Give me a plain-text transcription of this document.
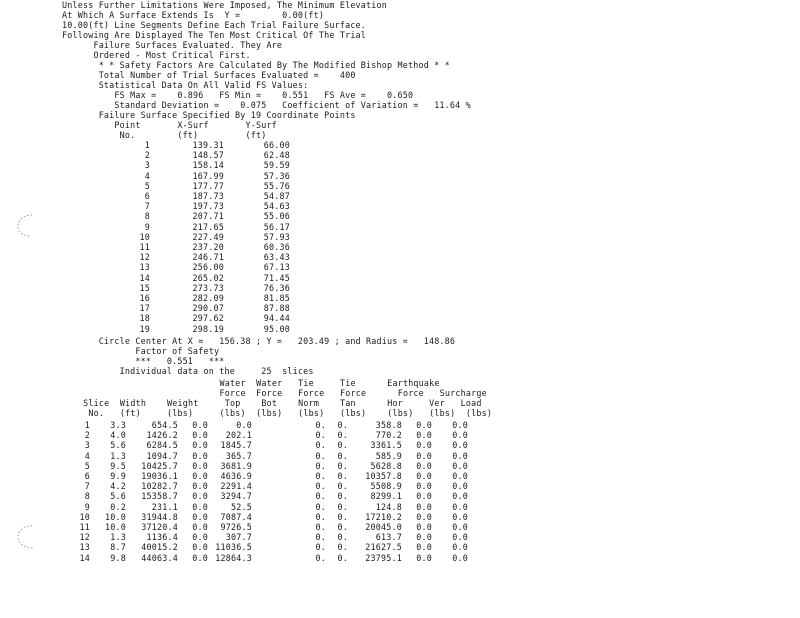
Unless Further Limitations Were Imposed, The Minimum Elevation
At Which A Surface Extends Is  Y =        0.00(ft)
10.00(ft) Line Segments Define Each Trial Failure Surface.
Following Are Displayed The Ten Most Critical Of The Trial
Failure Surfaces Evaluated. They Are
Ordered - Most Critical First.
* * Safety Factors Are Calculated By The Modified Bishop Method * *
Total Number of Trial Surfaces Evaluated =    400
Statistical Data On All Valid FS Values:
FS Max =    0.896   FS Min =    0.551   FS Ave =    0.650
Standard Deviation =    0.075   Coefficient of Variation =   11.64 %
Failure Surface Specified By 19 Coordinate Points
Point       X-Surf       Y-Surf
No.        (ft)         (ft)
1	139.31	66.00
2	148.57	62.48
3	158.14	59.59
4	167.99	57.36
5	177.77	55.76
6	187.73	54.87
7	197.73	54.63
8	207.71	55.06
9	217.65	56.17
10	227.49	57.93
11	237.20	60.36
12	246.71	63.43
13	256.00	67.13
14	265.02	71.45
15	273.73	76.36
16	282.09	81.85
17	290.07	87.88
18	297.62	94.44
19	298.19	95.00
Circle Center At X =   156.38 ; Y =   203.49 ; and Radius =   148.86
Factor of Safety
***   0.551   ***
Individual data on the     25  slices
Water  Water   Tie     Tie      Earthquake
Force  Force   Force   Force      Force   Surcharge
Slice  Width    Weight     Top    Bot    Norm    Tan      Hor     Ver   Load
No.   (ft)     (lbs)     (lbs)  (lbs)   (lbs)   (lbs)    (lbs)   (lbs)  (lbs)
1	3.3	654.5	0.0	0.0	0.	0.	358.8	0.0	0.0
2	4.0	1426.2	0.0	202.1	0.	0.	770.2	0.0	0.0
3	5.6	6284.5	0.0	1845.7	0.	0.	3361.5	0.0	0.0
4	1.3	1094.7	0.0	365.7	0.	0.	585.9	0.0	0.0
5	9.5	10425.7	0.0	3681.9	0.	0.	5628.8	0.0	0.0
6	9.9	19036.1	0.0	4636.9	0.	0.	10357.8	0.0	0.0
7	4.2	10282.7	0.0	2291.4	0.	0.	5508.9	0.0	0.0
8	5.6	15358.7	0.0	3294.7	0.	0.	8299.1	0.0	0.0
9	0.2	231.1	0.0	52.5	0.	0.	124.8	0.0	0.0
10	10.0	31944.8	0.0	7087.4	0.	0.	17210.2	0.0	0.0
11	10.0	37120.4	0.0	9726.5	0.	0.	20045.0	0.0	0.0
12	1.3	1136.4	0.0	307.7	0.	0.	613.7	0.0	0.0
13	8.7	40015.2	0.0 11036.5	0.	0.	21627.5	0.0	0.0
14	9.8	44063.4	0.0 12864.3	0.	0.	23795.1	0.0	0.0
